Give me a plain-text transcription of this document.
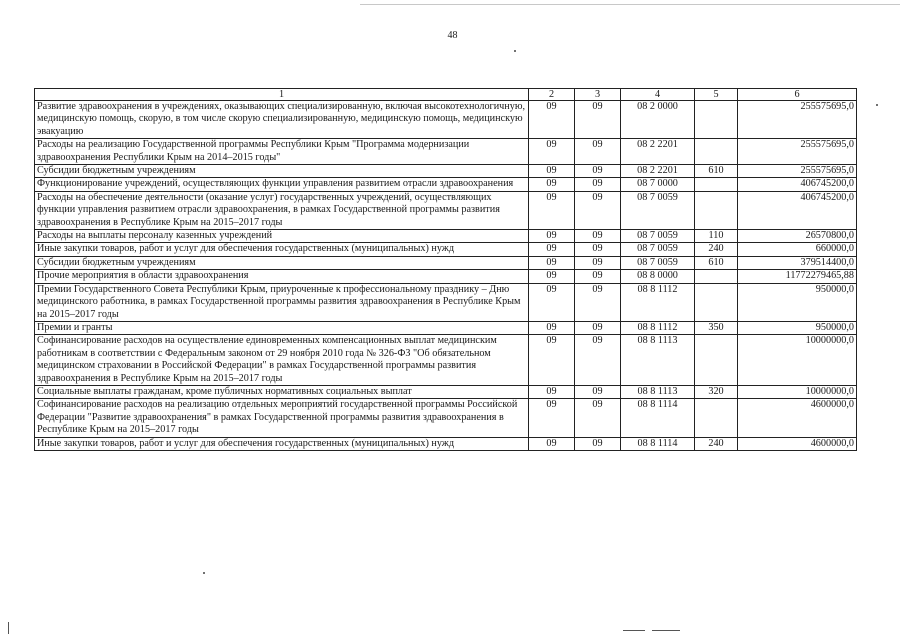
48
1	2	3	4	5	6
Развитие здравоохранения в учреждениях, оказывающих специализированную, включая высокотехнологичную, медицинскую помощь, скорую, в том числе скорую специализированную, медицинскую помощь, медицинскую эвакуацию	09	09	08 2 0000		255575695,0
Расходы на реализацию Государственной программы Республики Крым "Программа модернизации здравоохранения Республики Крым на 2014–2015 годы"	09	09	08 2 2201		255575695,0
Субсидии бюджетным учреждениям	09	09	08 2 2201	610	255575695,0
Функционирование учреждений, осуществляющих функции управления развитием отрасли здравоохранения	09	09	08 7 0000		406745200,0
Расходы на обеспечение деятельности (оказание услуг) государственных учреждений, осуществляющих функции управления развитием отрасли здравоохранения, в рамках Государственной программы развития здравоохранения в Республике Крым на 2015–2017 годы	09	09	08 7 0059		406745200,0
Расходы на выплаты персоналу казенных учреждений	09	09	08 7 0059	110	26570800,0
Иные закупки товаров, работ и услуг для обеспечения государственных (муниципальных) нужд	09	09	08 7 0059	240	660000,0
Субсидии бюджетным учреждениям	09	09	08 7 0059	610	379514400,0
Прочие мероприятия в области здравоохранения	09	09	08 8 0000		11772279465,88
Премии Государственного Совета Республики Крым, приуроченные к профессиональному празднику – Дню медицинского работника, в рамках Государственной программы развития здравоохранения в Республике Крым на 2015–2017 годы	09	09	08 8 1112		950000,0
Премии и гранты	09	09	08 8 1112	350	950000,0
Софинансирование расходов на осуществление единовременных компенсационных выплат медицинским работникам в соответствии с Федеральным законом от 29 ноября 2010 года № 326-ФЗ "Об обязательном медицинском страховании в Российской Федерации" в рамках Государственной программы развития здравоохранения в Республике Крым на 2015–2017 годы	09	09	08 8 1113		10000000,0
Социальные выплаты гражданам, кроме публичных нормативных социальных выплат	09	09	08 8 1113	320	10000000,0
Софинансирование расходов на реализацию отдельных мероприятий государственной программы Российской Федерации "Развитие здравоохранения" в рамках Государственной программы развития здравоохранения в Республике Крым на 2015–2017 годы	09	09	08 8 1114		4600000,0
Иные закупки товаров, работ и услуг для обеспечения государственных (муниципальных) нужд	09	09	08 8 1114	240	4600000,0
